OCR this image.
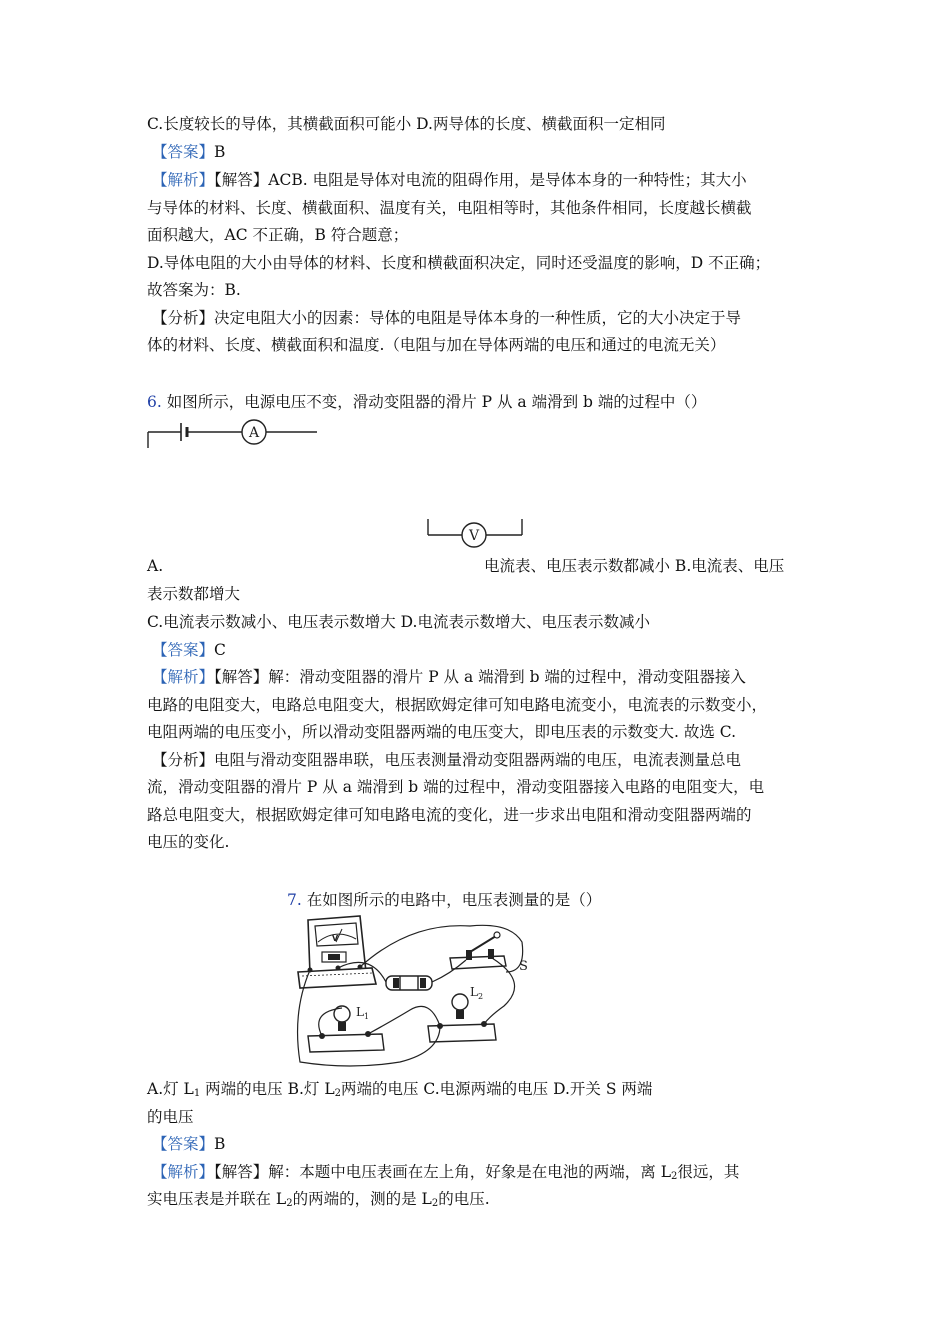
C.长度较长的导体，其横截面积可能小 D.两导体的长度、横截面积一定相同
【答案】B
【解析】【解答】ACB. 电阻是导体对电流的阻碍作用，是导体本身的一种特性；其大小
与导体的材料、长度、横截面积、温度有关，电阻相等时，其他条件相同，长度越长横截
面积越大，AC 不正确，B 符合题意；
D.导体电阻的大小由导体的材料、长度和横截面积决定，同时还受温度的影响，D 不正确；
故答案为：B.
【分析】决定电阻大小的因素：导体的电阻是导体本身的一种性质，它的大小决定于导
体的材料、长度、横截面积和温度.（电阻与加在导体两端的电压和通过的电流无关）
6. 如图所示，电源电压不变，滑动变阻器的滑片 P 从 a 端滑到 b 端的过程中（）
A
V
A.	电流表、电压表示数都减小 B.电流表、电压
表示数都增大
C.电流表示数减小、电压表示数增大 D.电流表示数增大、电压表示数减小
【答案】C
【解析】【解答】解：滑动变阻器的滑片 P 从 a 端滑到 b 端的过程中，滑动变阻器接入
电路的电阻变大，电路总电阻变大，根据欧姆定律可知电路电流变小，电流表的示数变小，
电阻两端的电压变小，所以滑动变阻器两端的电压变大，即电压表的示数变大. 故选 C.
【分析】电阻与滑动变阻器串联，电压表测量滑动变阻器两端的电压，电流表测量总电
流，滑动变阻器的滑片 P 从 a 端滑到 b 端的过程中，滑动变阻器接入电路的电阻变大，电
路总电阻变大，根据欧姆定律可知电路电流的变化，进一步求出电阻和滑动变阻器两端的
电压的变化.
7. 在如图所示的电路中，电压表测量的是（）
V
S
$L_1$
$L_2$
A.灯 $L_1$ 两端的电压 B.灯 $L_2$两端的电压 C.电源两端的电压 D.开关 S 两端
的电压
【答案】B
【解析】【解答】解：本题中电压表画在左上角，好象是在电池的两端，离 $L_2$很远，其
实电压表是并联在 $L_2$的两端的，测的是 $L_2$的电压.
